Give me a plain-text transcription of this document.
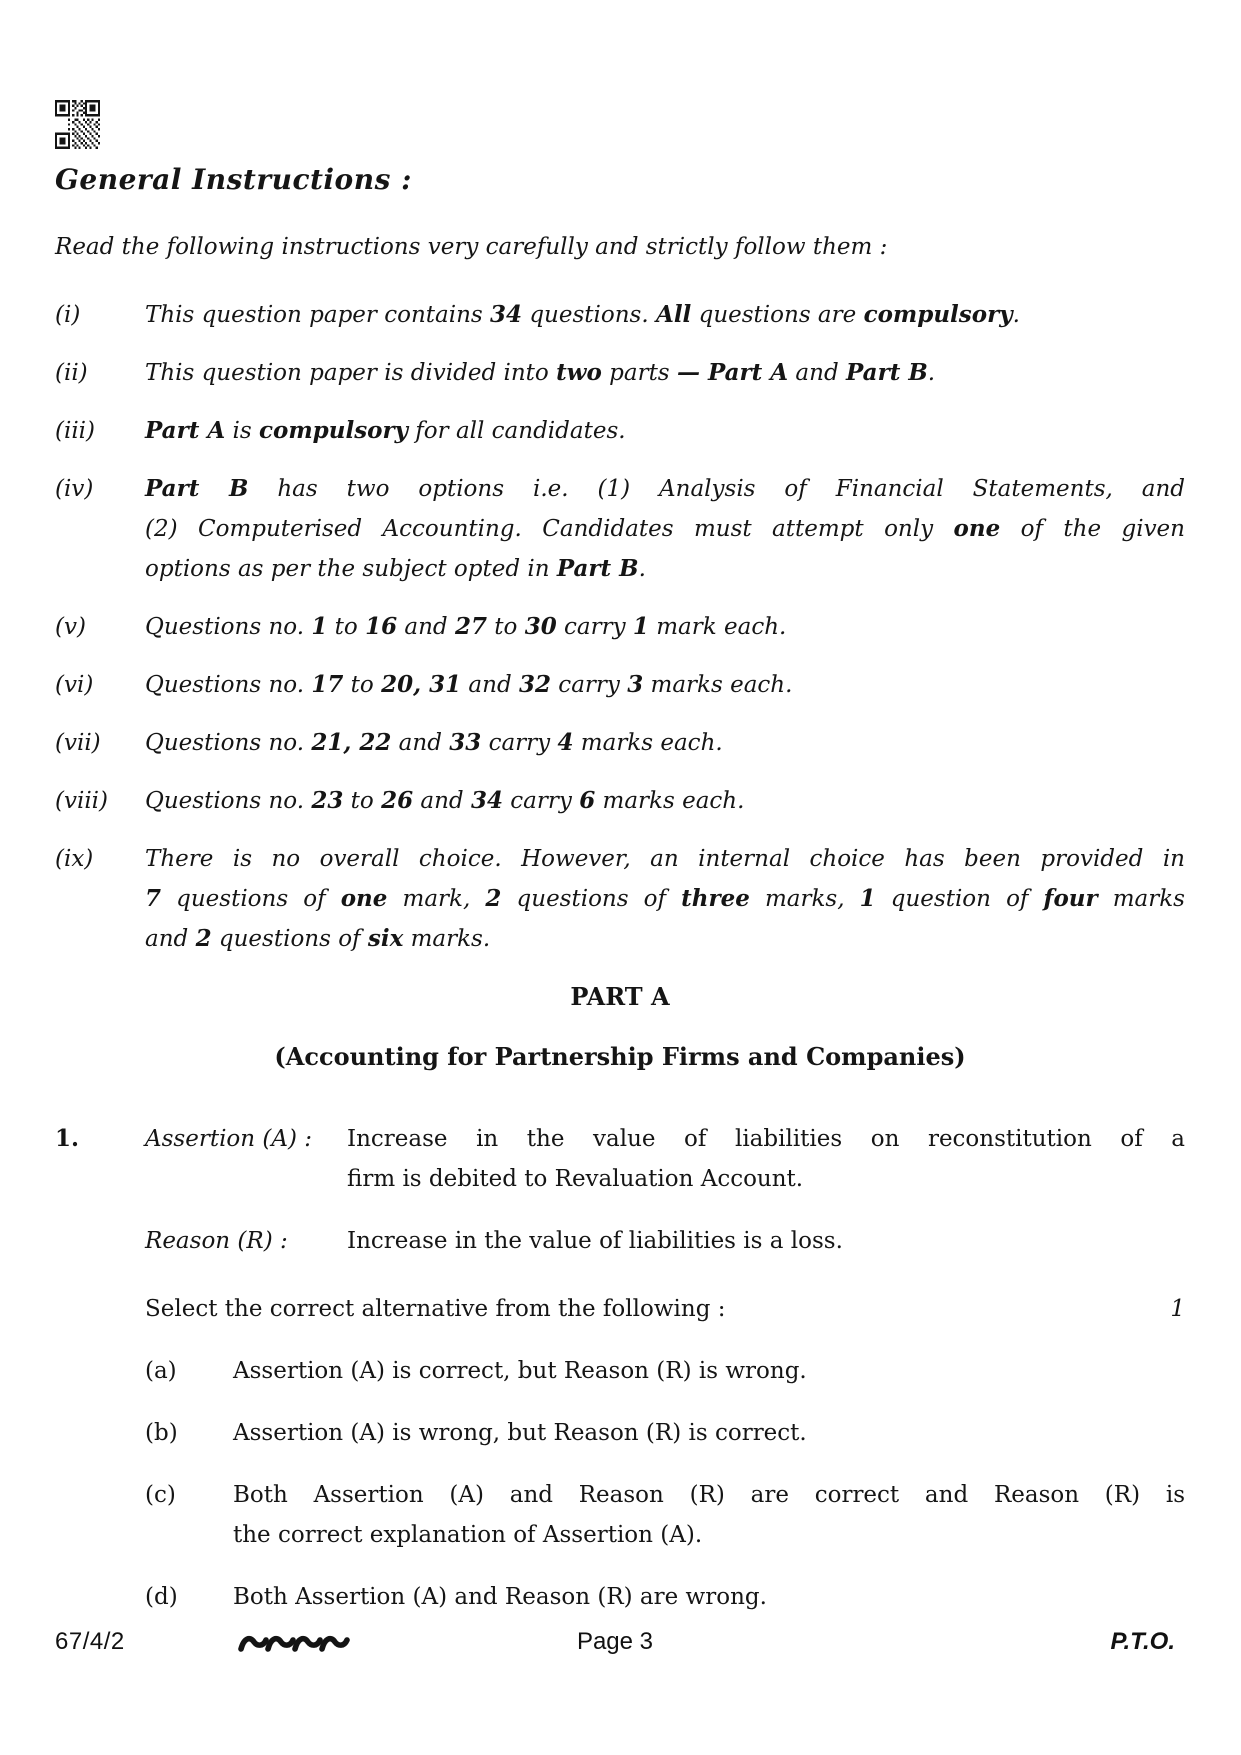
General Instructions :
Read the following instructions very carefully and strictly follow them :
(i)	This question paper contains 34 questions. All questions are compulsory.
(ii)	This question paper is divided into two parts — Part A and Part B.
(iii)	Part A is compulsory for all candidates.
(iv)	Part B has two options i.e. (1) Analysis of Financial Statements, and
(2) Computerised Accounting. Candidates must attempt only one of the given
options as per the subject opted in Part B.
(v)	Questions no. 1 to 16 and 27 to 30 carry 1 mark each.
(vi)	Questions no. 17 to 20, 31 and 32 carry 3 marks each.
(vii)	Questions no. 21, 22 and 33 carry 4 marks each.
(viii)	Questions no. 23 to 26 and 34 carry 6 marks each.
(ix)	There is no overall choice. However, an internal choice has been provided in
7 questions of one mark, 2 questions of three marks, 1 question of four marks
and 2 questions of six marks.
PART A
(Accounting for Partnership Firms and Companies)
1.	Assertion (A) :	Increase in the value of liabilities on reconstitution of a
firm is debited to Revaluation Account.
Reason (R) :	Increase in the value of liabilities is a loss.
Select the correct alternative from the following :	1
(a)	Assertion (A) is correct, but Reason (R) is wrong.
(b)	Assertion (A) is wrong, but Reason (R) is correct.
(c)	Both Assertion (A) and Reason (R) are correct and Reason (R) is
the correct explanation of Assertion (A).
(d)	Both Assertion (A) and Reason (R) are wrong.
67/4/2	Page 3	P.T.O.
